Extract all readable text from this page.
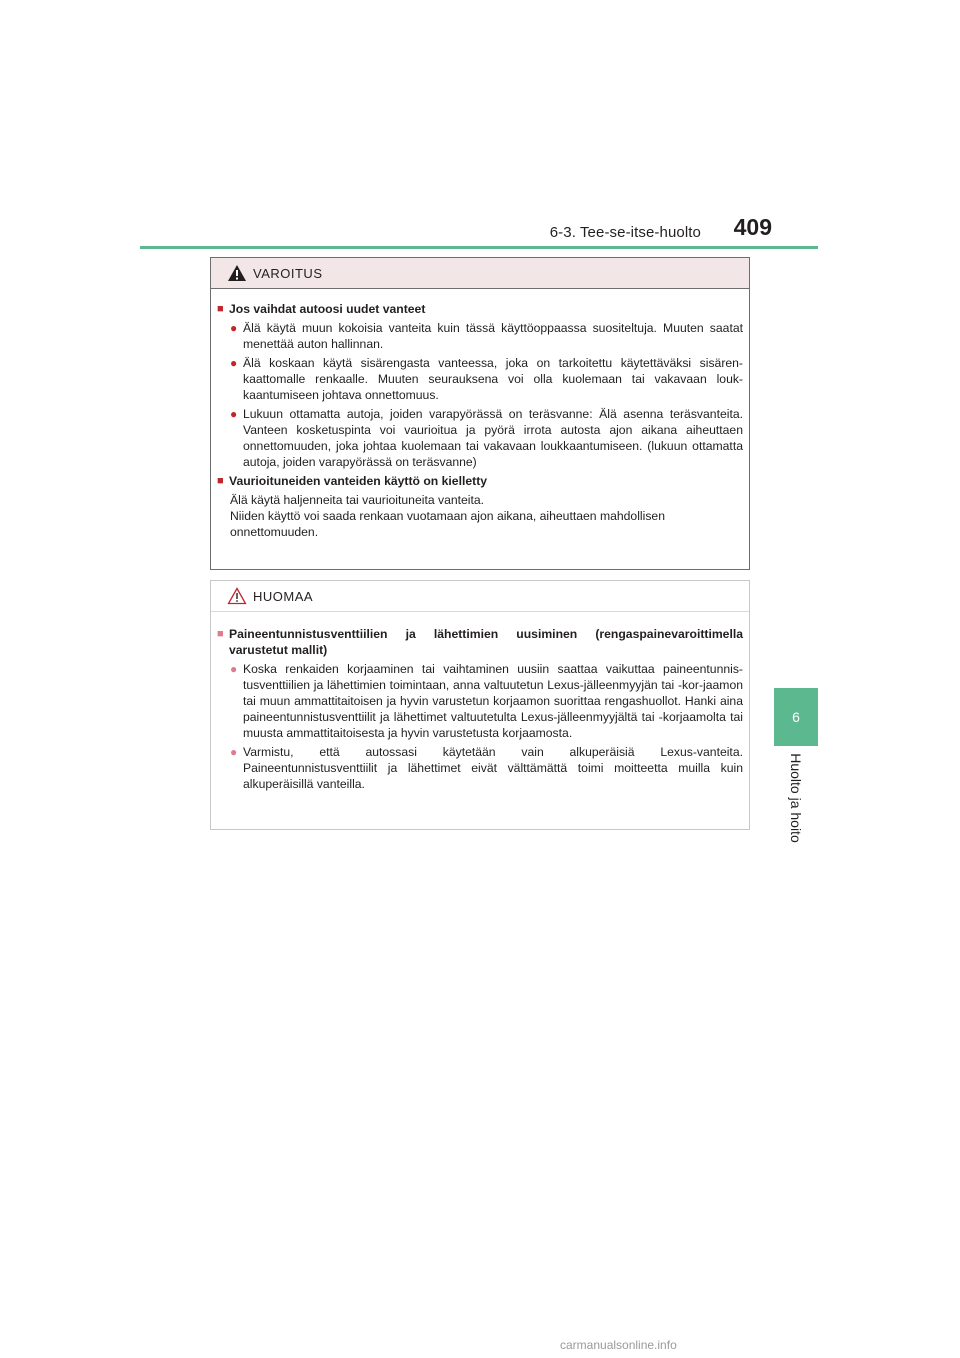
6-3. Tee-se-itse-huolto 409
6
Huolto ja hoito
VAROITUS
■ Jos vaihdat autoosi uudet vanteet
● Älä käytä muun kokoisia vanteita kuin tässä käyttöoppaassa suositeltuja. Muuten saatat menettää auton hallinnan.
● Älä koskaan käytä sisärengasta vanteessa, joka on tarkoitettu käytettäväksi sisären-kaattomalle renkaalle. Muuten seurauksena voi olla kuolemaan tai vakavaan louk-kaantumiseen johtava onnettomuus.
● Lukuun ottamatta autoja, joiden varapyörässä on teräsvanne: Älä asenna teräsvanteita. Vanteen kosketuspinta voi vaurioitua ja pyörä irrota autosta ajon aikana aiheuttaen onnettomuuden, joka johtaa kuolemaan tai vakavaan loukkaantumiseen. (lukuun ottamatta autoja, joiden varapyörässä on teräsvanne)
■ Vaurioituneiden vanteiden käyttö on kielletty
Älä käytä haljenneita tai vaurioituneita vanteita.
Niiden käyttö voi saada renkaan vuotamaan ajon aikana, aiheuttaen mahdollisen onnettomuuden.
HUOMAA
■ Paineentunnistusventtiilien ja lähettimien uusiminen (rengaspainevaroittimella varustetut mallit)
● Koska renkaiden korjaaminen tai vaihtaminen uusiin saattaa vaikuttaa paineentunnis-tusventtiilien ja lähettimien toimintaan, anna valtuutetun Lexus-jälleenmyyjän tai -kor-jaamon tai muun ammattitaitoisen ja hyvin varustetun korjaamon suorittaa rengashuollot. Hanki aina paineentunnistusventtiilit ja lähettimet valtuutetulta Lexus-jälleenmyyjältä tai -korjaamolta tai muusta ammattitaitoisesta ja hyvin varustetusta korjaamosta.
● Varmistu, että autossasi käytetään vain alkuperäisiä Lexus-vanteita. Paineentunnistusventtiilit ja lähettimet eivät välttämättä toimi moitteetta muilla kuin alkuperäisillä vanteilla.
carmanualsonline.info
